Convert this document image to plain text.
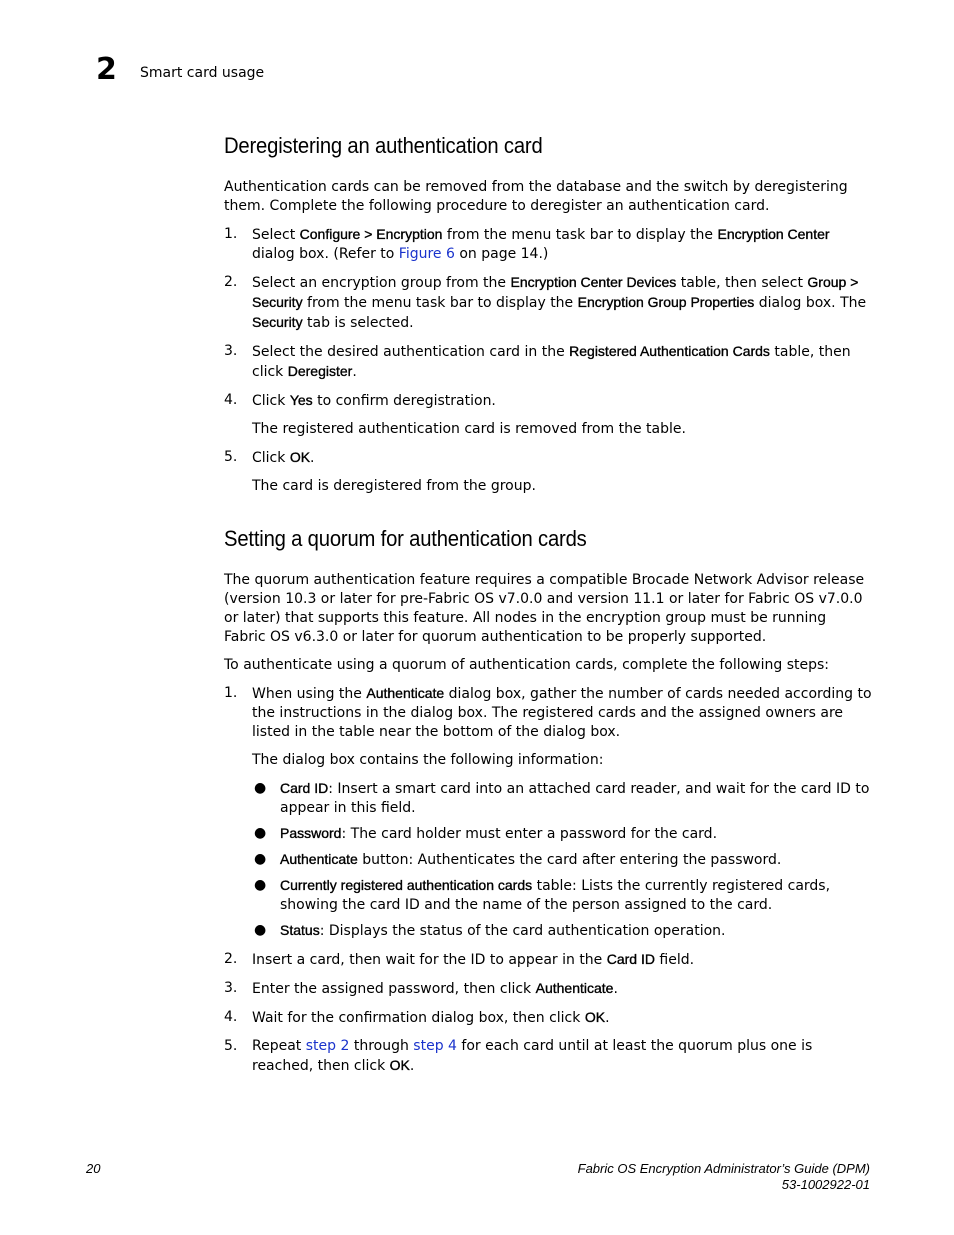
2 Smart card usage
Deregistering an authentication card

Authentication cards can be removed from the database and the switch by deregistering them. Complete the following procedure to deregister an authentication card.

1. Select Configure > Encryption from the menu task bar to display the Encryption Center dialog box. (Refer to Figure 6 on page 14.)
2. Select an encryption group from the Encryption Center Devices table, then select Group > Security from the menu task bar to display the Encryption Group Properties dialog box. The Security tab is selected.
3. Select the desired authentication card in the Registered Authentication Cards table, then click Deregister.
4. Click Yes to confirm deregistration.

The registered authentication card is removed from the table.

5. Click OK.

The card is deregistered from the group.

Setting a quorum for authentication cards

The quorum authentication feature requires a compatible Brocade Network Advisor release (version 10.3 or later for pre-Fabric OS v7.0.0 and version 11.1 or later for Fabric OS v7.0.0 or later) that supports this feature. All nodes in the encryption group must be running Fabric OS v6.3.0 or later for quorum authentication to be properly supported.

To authenticate using a quorum of authentication cards, complete the following steps:

1. When using the Authenticate dialog box, gather the number of cards needed according to the instructions in the dialog box. The registered cards and the assigned owners are listed in the table near the bottom of the dialog box.

The dialog box contains the following information:

● Card ID: Insert a smart card into an attached card reader, and wait for the card ID to appear in this field.
● Password: The card holder must enter a password for the card.
● Authenticate button: Authenticates the card after entering the password.
● Currently registered authentication cards table: Lists the currently registered cards, showing the card ID and the name of the person assigned to the card.
● Status: Displays the status of the card authentication operation.
2. Insert a card, then wait for the ID to appear in the Card ID field.
3. Enter the assigned password, then click Authenticate.
4. Wait for the confirmation dialog box, then click OK.
5. Repeat step 2 through step 4 for each card until at least the quorum plus one is reached, then click OK.
20	Fabric OS Encryption Administrator’s Guide (DPM)
53-1002922-01
